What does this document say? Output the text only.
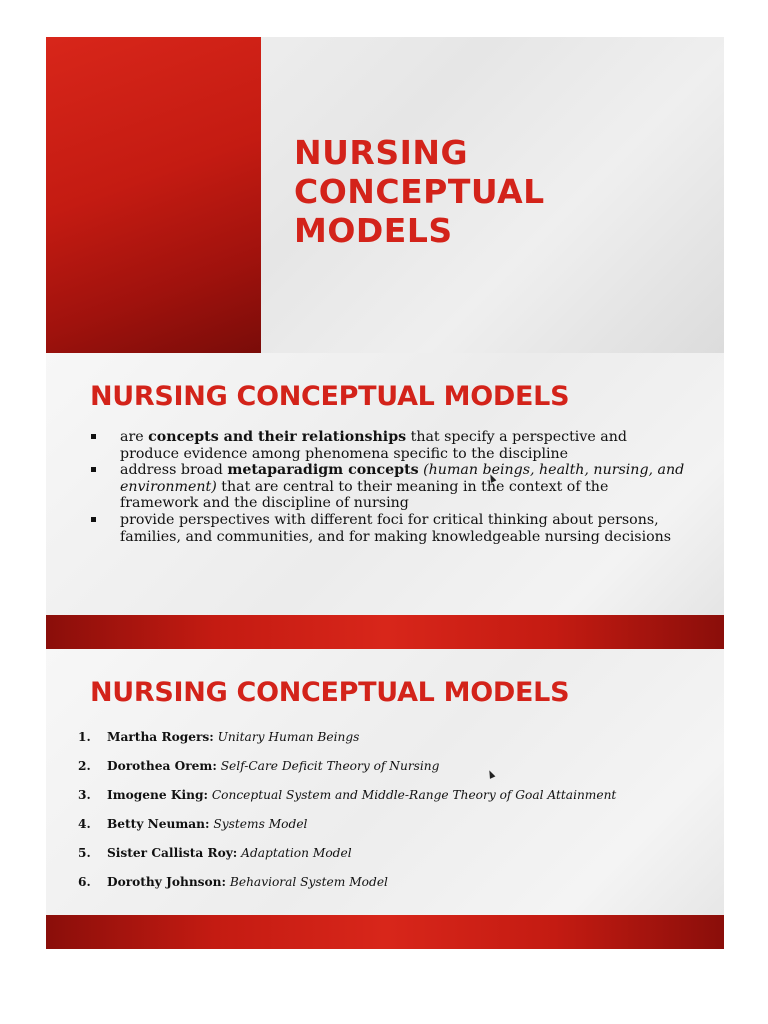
NURSING
CONCEPTUAL
MODELS
NURSING CONCEPTUAL MODELS
are concepts and their relationships that specify a perspective and produce evidence among phenomena specific to the discipline
address broad metaparadigm concepts (human beings, health, nursing, and environment) that are central to their meaning in the context of the framework and the discipline of nursing
provide perspectives with different foci for critical thinking about persons, families, and communities, and for making knowledgeable nursing decisions
NURSING CONCEPTUAL MODELS
1. Martha Rogers: Unitary Human Beings
2. Dorothea Orem: Self-Care Deficit Theory of Nursing
3. Imogene King: Conceptual System and Middle-Range Theory of Goal Attainment
4. Betty Neuman: Systems Model
5. Sister Callista Roy: Adaptation Model
6. Dorothy Johnson: Behavioral System Model
